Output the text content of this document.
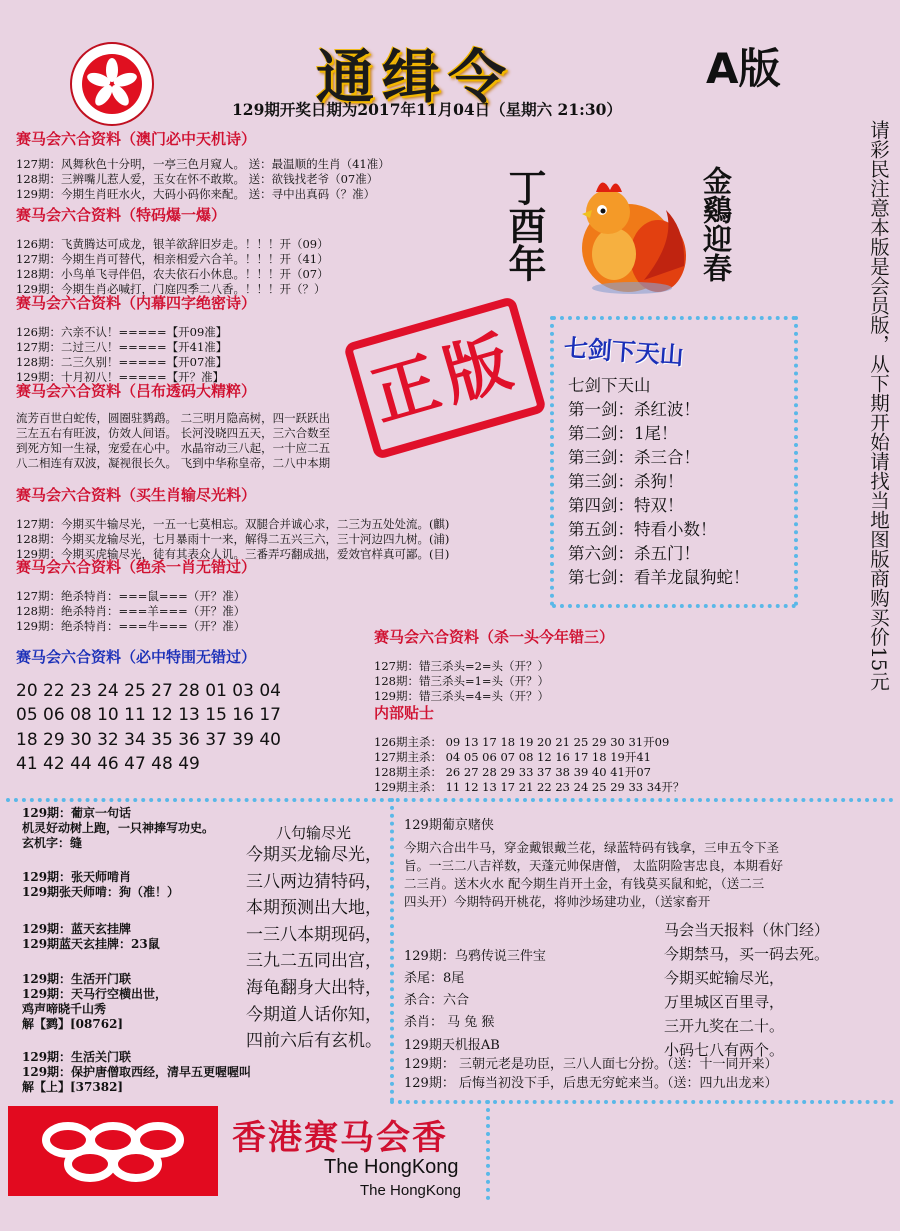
通缉令	A版
129期开奖日期为2017年11月04日（星期六 21:30）
赛马会六合资料（澳门必中天机诗）
127期：风舞秋色十分明，一亭三色月窥人。 送：最温顺的生肖（41准）
128期：三辨嘴儿惹人爱，玉女在怀不敢欺。 送：欲钱找老爷（07准）
129期：今期生肖旺水火，大码小码你来配。 送：寻中出真码（？准）
赛马会六合资料（特码爆一爆）
126期：飞黄腾达可成龙，银羊欲辞旧岁走。！！！开（09）
127期：今期生肖可替代，相亲相爱六合羊。！！！开（41）
128期：小鸟单飞寻伴侣，农夫依石小休息。！！！开（07）
129期：今期生肖必喊打，门庭四季二八香。！！！开（？）
赛马会六合资料（内幕四字绝密诗）
126期：六亲不认！=====【开09准】
127期：二过三八！=====【开41准】
128期：二三久别！=====【开07准】
129期：十月初八！=====【开？准】
赛马会六合资料（吕布透码大精粹）
流芳百世白蛇传，圆圈驻鹨鹉。 二三明月隐高树，四一跃跃出
三左五右有旺波，仿效人间语。 长河没晓四五天，三六合数至
到死方知一生禄，宠爱在心中。 水晶帘动三八起，一十应二五
八二相连有双波，凝视很长久。 飞到中华称皇帝，二八中本期
赛马会六合资料（买生肖输尽光料）
127期：今期买牛输尽光，一五一七莫相忘。双腿合并诚心求，二三为五处处流。(麒)
128期：今期买龙输尽光，七月暴雨十一来，解得二五兴三六，三十河边四九树。(浦)
129期：今期买虎输尽光，徒有其表众人讥。三番弄巧翻成拙，爱效官样真可鄙。(目)
赛马会六合资料（绝杀一肖无错过）
127期：绝杀特肖：===鼠===（开？准）
128期：绝杀特肖：===羊===（开？准）
129期：绝杀特肖：===牛===（开？准）
赛马会六合资料（必中特围无错过）
20 22 23 24 25 27 28 01 03 04
05 06 08 10 11 12 13 15 16 17
18 29 30 32 34 35 36 37 39 40
41 42 44 46 47 48 49
正版
丁酉年	金鷄迎春
七剑下天山
七剑下天山
第一剑：杀红波！
第二剑：1尾！
第三剑：杀三合！
第三剑：杀狗！
第四剑：特双！
第五剑：特看小数！
第六剑：杀五门！
第七剑：看羊龙鼠狗蛇！	请彩民注意本版是会员版，从下期开始请找当地图版商购买价15元
赛马会六合资料（杀一头今年错三）
127期：错三杀头=2=头（开？）
128期：错三杀头=1=头（开？）
129期：错三杀头=4=头（开？）
内部贴士
126期主杀： 09 13 17 18 19 20 21 25 29 30 31开09
127期主杀： 04 05 06 07 08 12 16 17 18 19开41
128期主杀： 26 27 28 29 33 37 38 39 40 41开07
129期主杀： 11 12 13 17 21 22 23 24 25 29 33 34开？
129期：葡京一句话
机灵好动树上跑，一只神捧写功史。
玄机字：缝
129期：张天师啃肖
129期张天师啃：狗（准！）
129期：蓝天玄挂牌
129期蓝天玄挂牌：23鼠
129期：生活开门联
129期：天马行空横出世，
鸡声啼晓千山秀
解【鹨】[08762]
129期：生活关门联
129期：保护唐僧取西经，清早五更喔喔叫
解【上】[37382]
八句输尽光
今期买龙输尽光，
三八两边猜特码，
本期预测出大地，
一三八本期现码，
三九二五同出宫，
海龟翻身大出特，
今期道人话你知，
四前六后有玄机。
129期葡京赌侠
今期六合出牛马，穿金戴银戴兰花，绿蓝特码有钱拿，三申五令下圣
旨。一三二八吉祥数，天蓬元帅保唐僧， 太监阴险害忠良，本期看好
二三肖。送木火水 配今期生肖开土金，有钱莫买鼠和蛇，（送二三
四头开）今期特码开桃花，将帅沙场建功业，（送家畜开
129期：乌鸦传说三件宝
杀尾：8尾
杀合：六合
杀肖： 马 兔 猴
马会当天报料（休门经）
今期禁马，买一码去死。
今期买蛇输尽光，
万里城区百里寻，
三开九奖在二十。
小码七八有两个。
129期天机报AB
129期： 三朝元老是功臣，三八人面七分扮。（送：十一同开来）
129期： 后悔当初没下手，后患无穷蛇来当。（送：四九出龙来）
香港赛马会香
The HongKong
The HongKong
